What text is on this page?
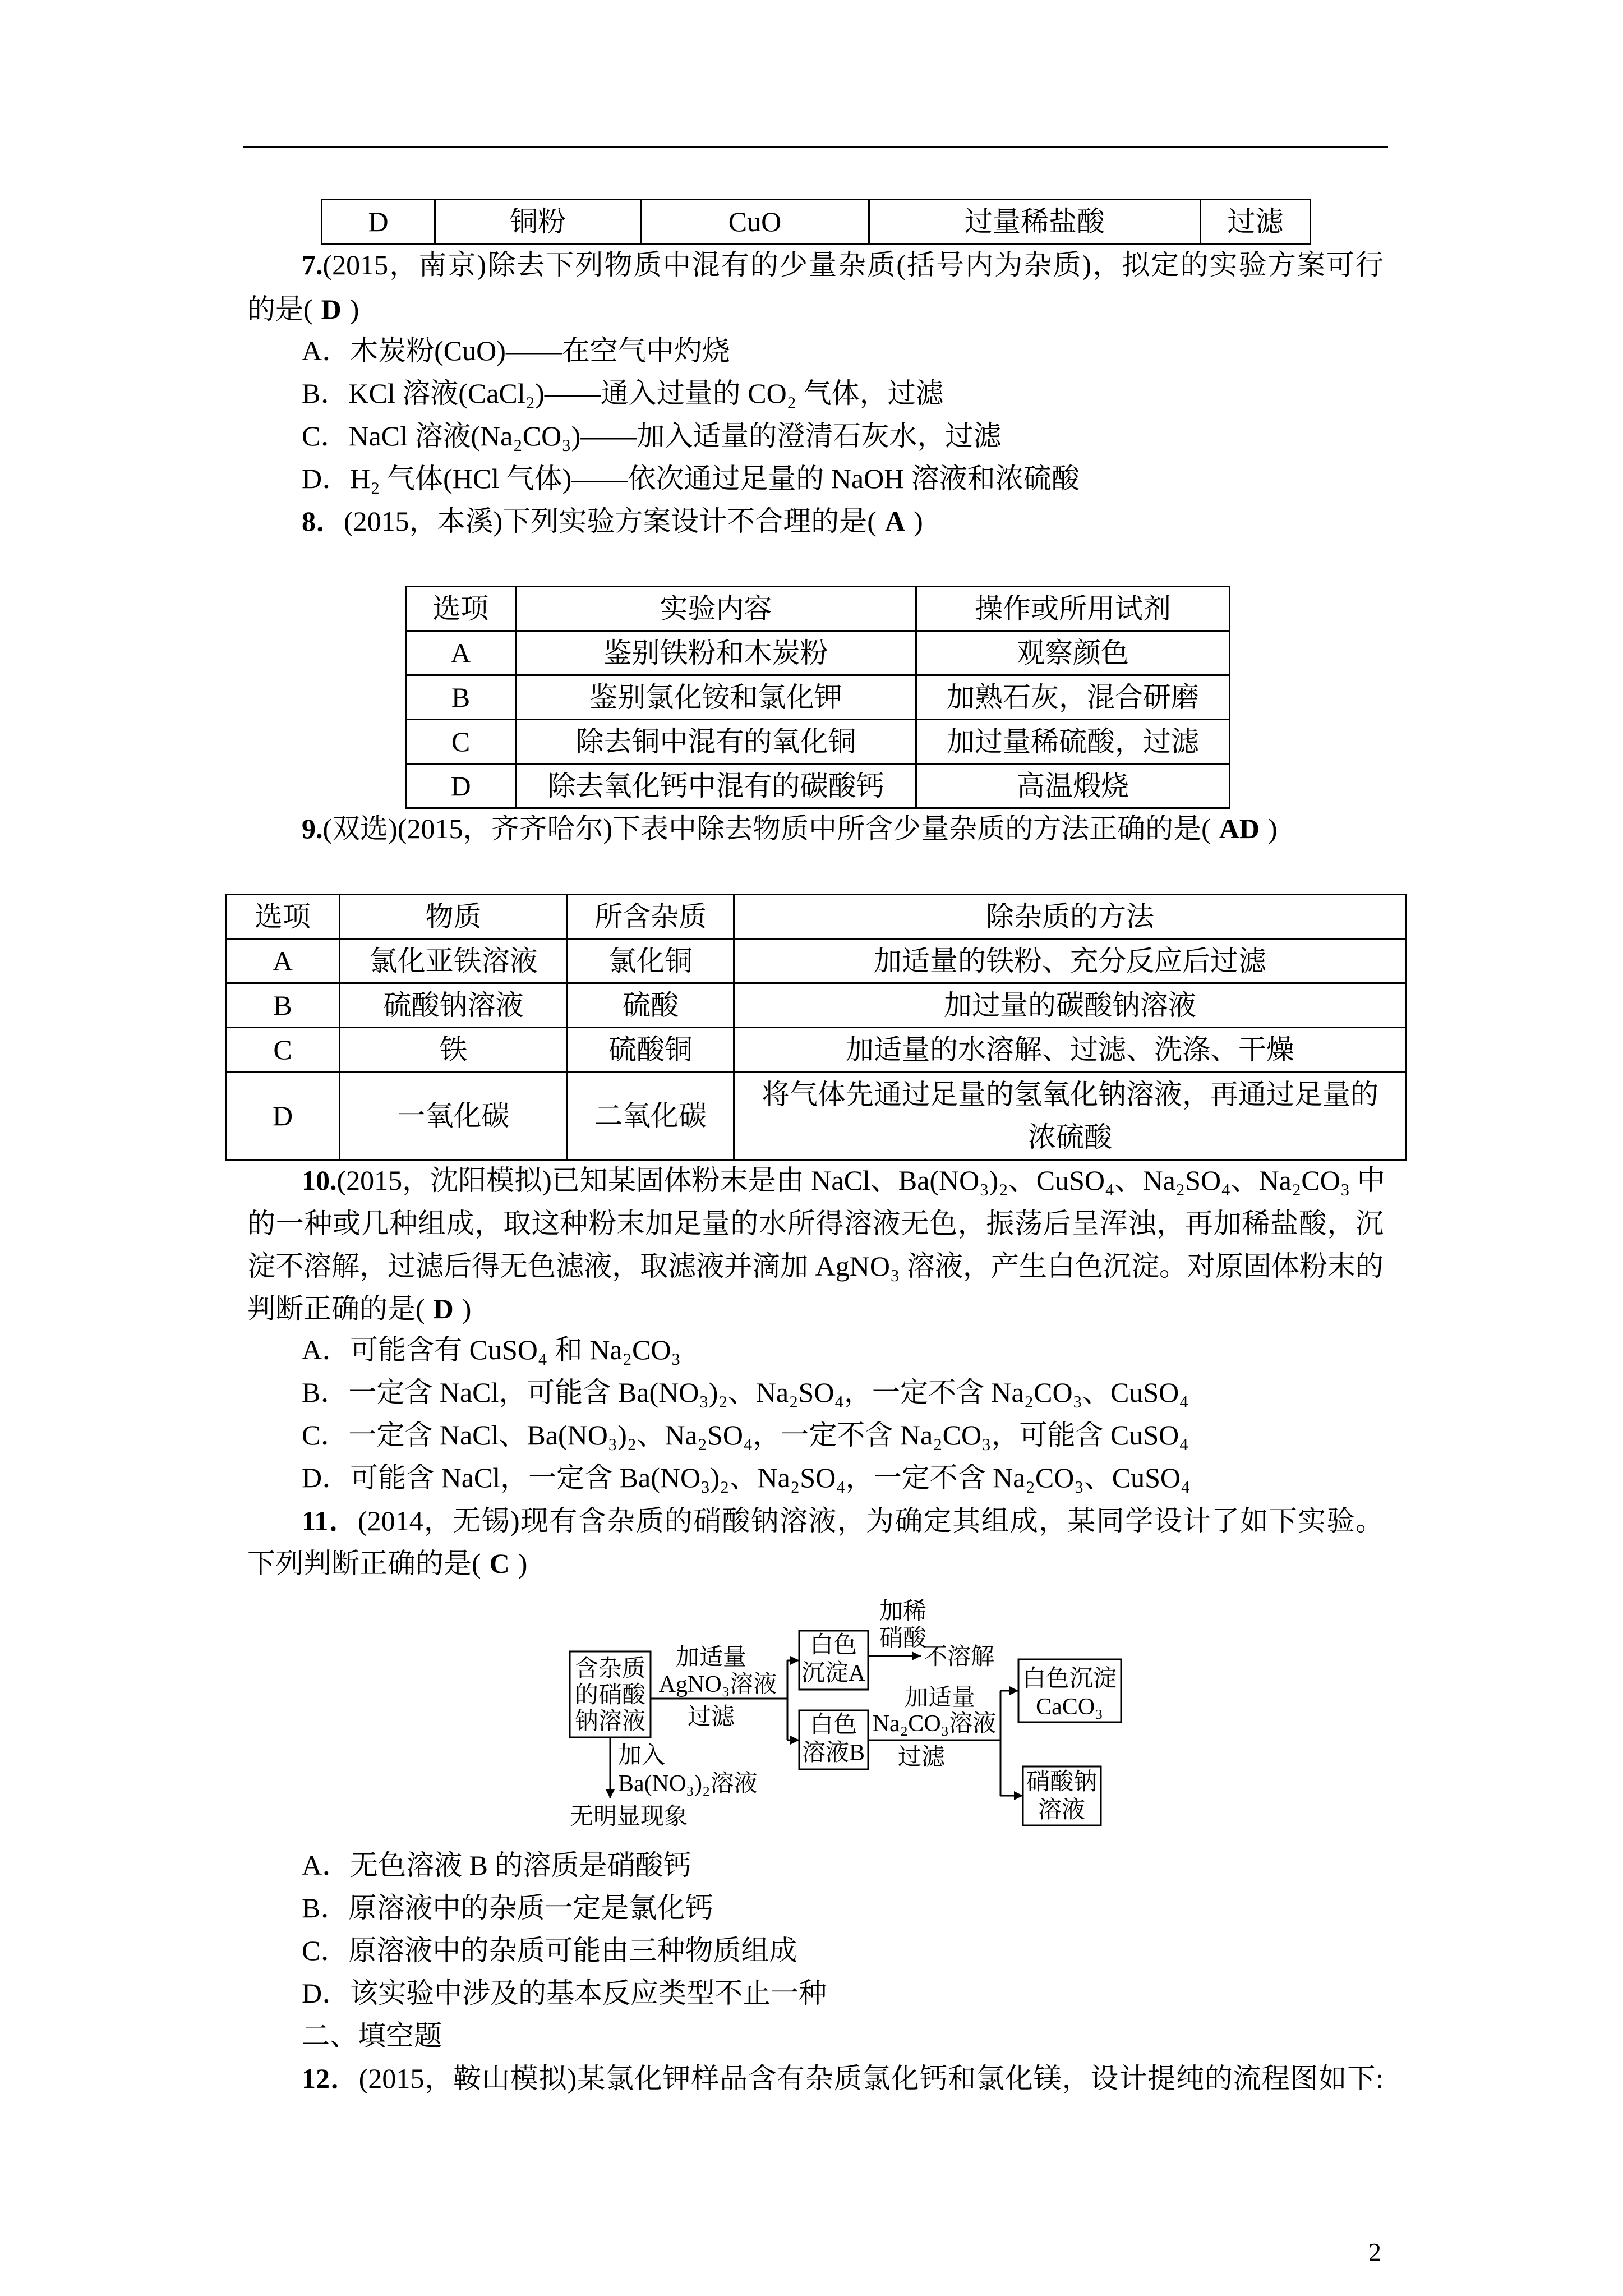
D	铜粉	CuO	过量稀盐酸	过滤
7.(2015，南京)除去下列物质中混有的少量杂质(括号内为杂质)，拟定的实验方案可行
的是( D )
A．木炭粉(CuO)——在空气中灼烧
B．KCl 溶液(CaCl₂)——通入过量的 CO₂ 气体，过滤
C．NaCl 溶液(Na₂CO₃)——加入适量的澄清石灰水，过滤
D．H₂ 气体(HCl 气体)——依次通过足量的 NaOH 溶液和浓硫酸
8．(2015，本溪)下列实验方案设计不合理的是( A )
选项	实验内容	操作或所用试剂
A	鉴别铁粉和木炭粉	观察颜色
B	鉴别氯化铵和氯化钾	加熟石灰，混合研磨
C	除去铜中混有的氧化铜	加过量稀硫酸，过滤
D	除去氧化钙中混有的碳酸钙	高温煅烧
9.(双选)(2015，齐齐哈尔)下表中除去物质中所含少量杂质的方法正确的是( AD )
选项	物质	所含杂质	除杂质的方法
A	氯化亚铁溶液	氯化铜	加适量的铁粉、充分反应后过滤
B	硫酸钠溶液	硫酸	加过量的碳酸钠溶液
C	铁	硫酸铜	加适量的水溶解、过滤、洗涤、干燥
D	一氧化碳	二氧化碳	将气体先通过足量的氢氧化钠溶液，再通过足量的
浓硫酸
10.(2015，沈阳模拟)已知某固体粉末是由 NaCl、Ba(NO₃)₂、CuSO₄、Na₂SO₄、Na₂CO₃ 中
的一种或几种组成，取这种粉末加足量的水所得溶液无色，振荡后呈浑浊，再加稀盐酸，沉
淀不溶解，过滤后得无色滤液，取滤液并滴加 AgNO₃ 溶液，产生白色沉淀。对原固体粉末的
判断正确的是( D )
A．可能含有 CuSO₄ 和 Na₂CO₃
B．一定含 NaCl，可能含 Ba(NO₃)₂、Na₂SO₄，一定不含 Na₂CO₃、CuSO₄
C．一定含 NaCl、Ba(NO₃)₂、Na₂SO₄，一定不含 Na₂CO₃，可能含 CuSO₄
D．可能含 NaCl，一定含 Ba(NO₃)₂、Na₂SO₄，一定不含 Na₂CO₃、CuSO₄
11．(2014，无锡)现有含杂质的硝酸钠溶液，为确定其组成，某同学设计了如下实验。
下列判断正确的是( C )
含杂质
的硝酸
钠溶液
加适量
AgNO₃溶液
过滤
白色
沉淀A
加稀
硝酸
不溶解
白色
溶液B
加适量
Na₂CO₃溶液
过滤
白色沉淀
CaCO₃
硝酸钠
溶液
加入
Ba(NO₃)₂溶液
无明显现象
A．无色溶液 B 的溶质是硝酸钙
B．原溶液中的杂质一定是氯化钙
C．原溶液中的杂质可能由三种物质组成
D．该实验中涉及的基本反应类型不止一种
二、填空题
12．(2015，鞍山模拟)某氯化钾样品含有杂质氯化钙和氯化镁，设计提纯的流程图如下:
2
